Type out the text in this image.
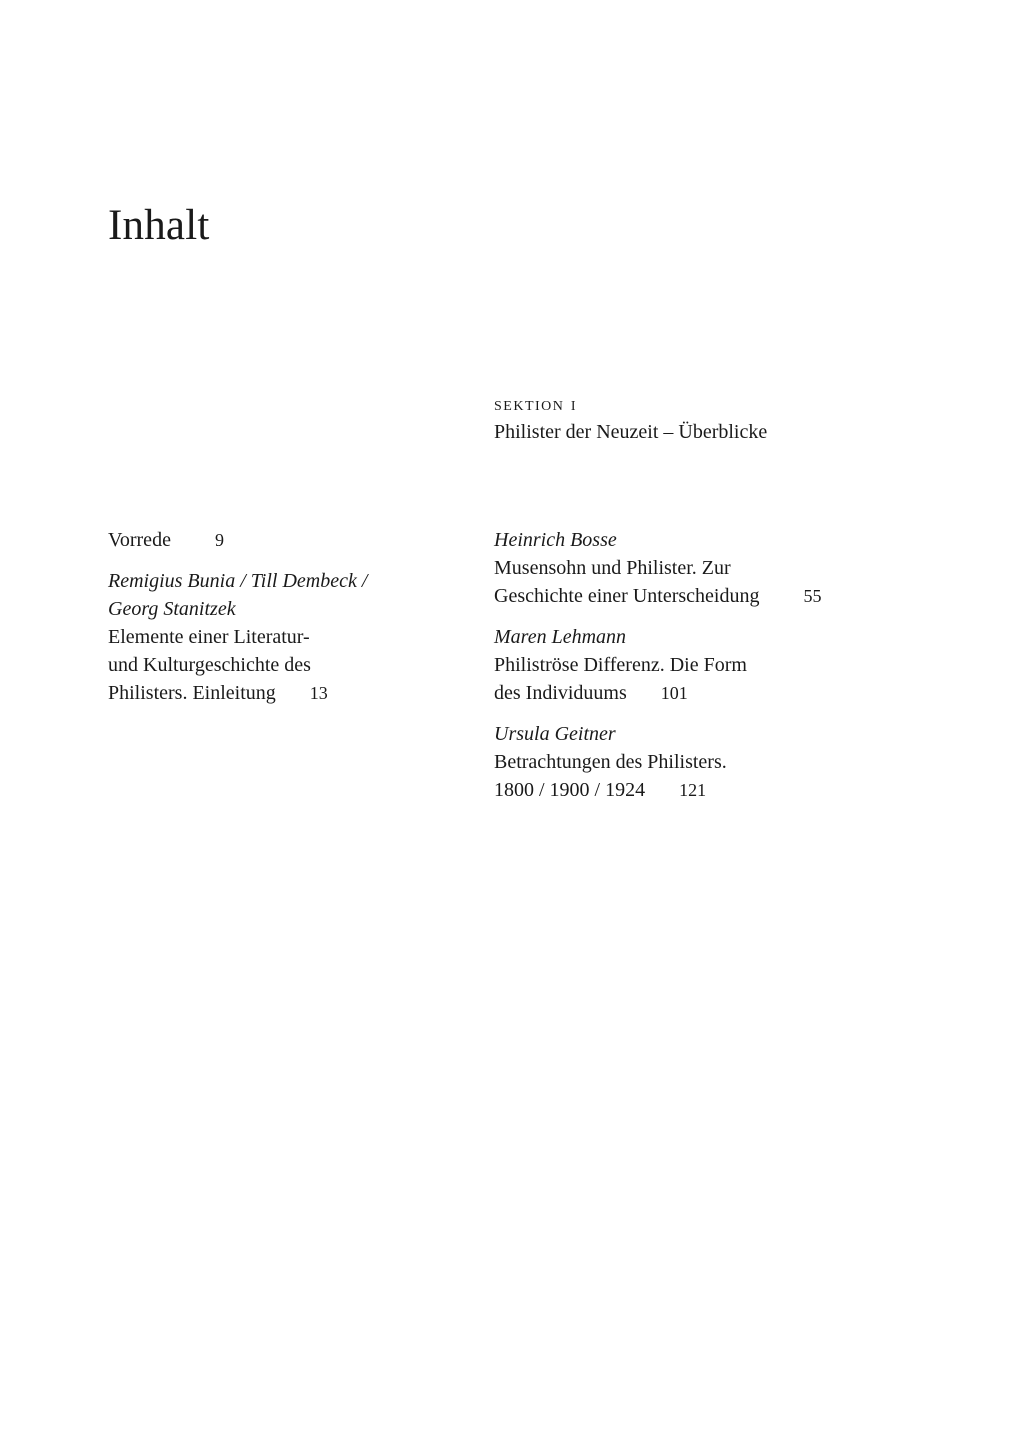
Inhalt
sektion i
Philister der Neuzeit – Überblicke
Vorrede 9
Remigius Bunia / Till Dembeck /
Georg Stanitzek
Elemente einer Literatur-
und Kulturgeschichte des
Philisters. Einleitung 13
Heinrich Bosse
Musensohn und Philister. Zur
Geschichte einer Unterscheidung 55
Maren Lehmann
Philiströse Differenz. Die Form
des Individuums 101
Ursula Geitner
Betrachtungen des Philisters.
1800 / 1900 / 1924 121
